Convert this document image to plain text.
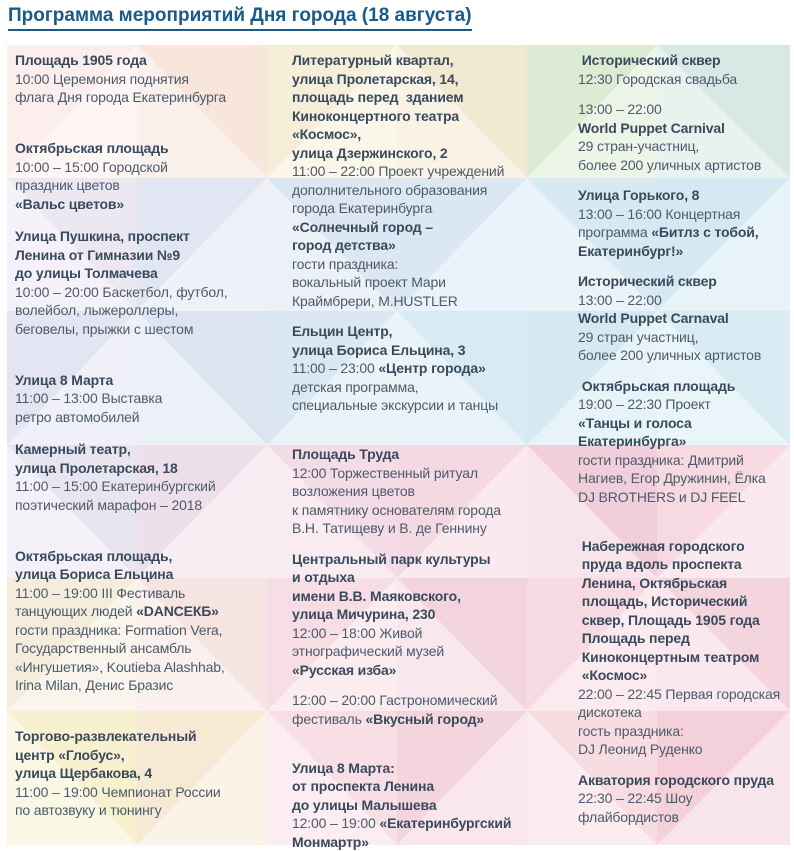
Программа мероприятий Дня города (18 августа)
Площадь 1905 года
10:00 Церемония поднятия
флага Дня города Екатеринбурга

Октябрьская площадь
10:00 – 15:00 Городской
праздник цветов
«Вальс цветов»
Улица Пушкина, проспект
Ленина от Гимназии №9
до улицы Толмачева
10:00 – 20:00 Баскетбол, футбол,
волейбол, лыжероллеры,
беговелы, прыжки с шестом

Улица 8 Марта
11:00 – 13:00 Выставка
ретро автомобилей
Камерный театр,
улица Пролетарская, 18
11:00 – 15:00 Екатеринбургский
поэтический марафон – 2018

Октябрьская площадь,
улица Бориса Ельцина
11:00 – 19:00 III Фестиваль
танцующих людей «DANCEКБ»
гости праздника: Formation Vera,
Государственный ансамбль
«Ингушетия», Koutieba Alashhab,
Irina Milan, Денис Бразис

Торгово-развлекательный
центр «Глобус»,
улица Щербакова, 4
11:00 – 19:00 Чемпионат России
по автозвуку и тюнингу
Литературный квартал,
улица Пролетарская, 14,
площадь перед  зданием
Киноконцертного театра
«Космос»,
улица Дзержинского, 2
11:00 – 22:00 Проект учреждений
дополнительного образования
города Екатеринбурга
«Солнечный город –
город детства»
гости праздника:
вокальный проект Мари
Краймбрери, M.HUSTLER
Ельцин Центр,
улица Бориса Ельцина, 3
11:00 – 23:00 «Центр города»
детская программа,
специальные экскурсии и танцы

Площадь Труда
12:00 Торжественный ритуал
возложения цветов
к памятнику основателям города
В.Н. Татищеву и В. де Геннину
Центральный парк культуры
и отдыха
имени В.В. Маяковского,
улица Мичурина, 230
12:00 – 18:00 Живой
этнографический музей
«Русская изба»
12:00 – 20:00 Гастрономический
фестиваль «Вкусный город»

Улица 8 Марта:
от проспекта Ленина
до улицы Малышева
12:00 – 19:00 «Екатеринбургский
Монмартр»
Исторический сквер
12:30 Городская свадьба
13:00 – 22:00
World Puppet Carnival
29 стран-участниц,
более 200 уличных артистов
Улица Горького, 8
13:00 – 16:00 Концертная
программа «Битлз с тобой,
Екатеринбург!»
Исторический сквер
13:00 – 22:00
World Puppet Carnaval
29 стран участниц,
более 200 уличных артистов
Октябрьская площадь
19:00 – 22:30 Проект
«Танцы и голоса
Екатеринбурга»
гости праздника: Дмитрий
Нагиев, Егор Дружинин, Ёлка
DJ BROTHERS и DJ FEEL

Набережная городского
пруда вдоль проспекта
Ленина, Октябрьская
площадь, Исторический
сквер, Площадь 1905 года
Площадь перед
Киноконцертным театром
«Космос»
22:00 – 22:45 Первая городская
дискотека
гость праздника:
DJ Леонид Руденко
Акватория городского пруда
22:30 – 22:45 Шоу
флайбордистов
